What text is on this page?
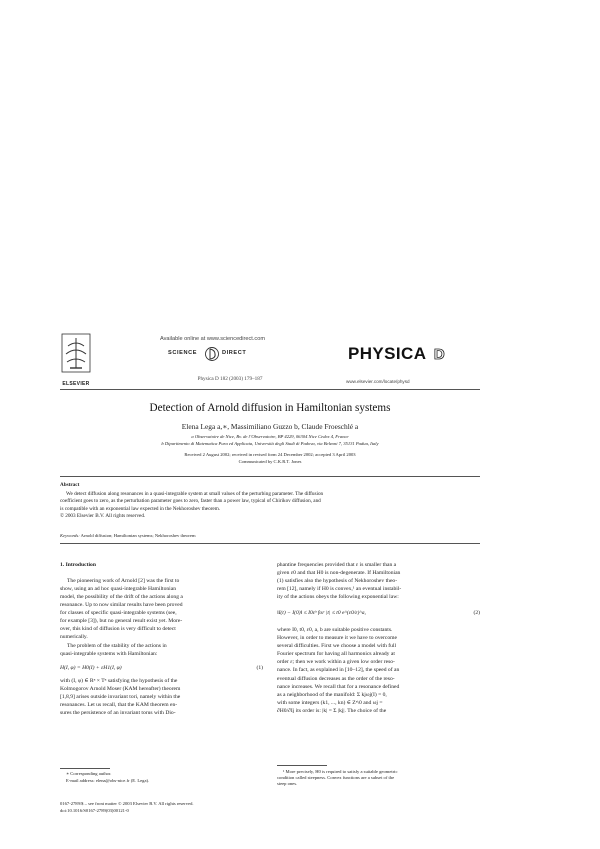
ELSEVIER
Available online at www.sciencedirect.com
SCIENCE	DIRECT
Physica D 182 (2003) 179–187
PHYSICA D
www.elsevier.com/locate/physd
Detection of Arnold diffusion in Hamiltonian systems
Elena Lega a,∗, Massimiliano Guzzo b, Claude Froeschlé a
a Observatoire de Nice, Bv. de l’Observatoire, BP 4229, 06304 Nice Cedex 4, France
b Dipartimento di Matematica Pura ed Applicata, Università degli Studi di Padova, via Belzoni 7, 35131 Padua, Italy
Received 2 August 2002; received in revised form 24 December 2002; accepted 3 April 2003
Communicated by C.K.R.T. Jones
Abstract
We detect diffusion along resonances in a quasi-integrable system at small values of the perturbing parameter. The diffusion
coefficient goes to zero, as the perturbation parameter goes to zero, faster than a power law, typical of Chirikov diffusion, and
is compatible with an exponential law expected in the Nekhoroshev theorem.
© 2003 Elsevier B.V. All rights reserved.
Keywords: Arnold diffusion; Hamiltonian systems; Nekhoroshev theorem
1. Introduction
The pioneering work of Arnold [2] was the first to
show, using an ad hoc quasi-integrable Hamiltonian
model, the possibility of the drift of the actions along a
resonance. Up to now similar results have been proved
for classes of specific quasi-integrable systems (see,
for example [3]), but no general result exist yet. More-
over, this kind of diffusion is very difficult to detect
numerically.
The problem of the stability of the actions in
quasi-integrable systems with Hamiltonian:
H(I, φ) = H0(I) + εH1(I, φ)	(1)
with (I, φ) ∈ Rⁿ × Tⁿ satisfying the hypothesis of the
Kolmogorov Arnold Moser (KAM hereafter) theorem
[1,8,9] arises outside invariant tori, namely within the
resonances. Let us recall, that the KAM theorem en-
sures the persistence of an invariant torus with Dio-
∗ Corresponding author.
E-mail address: elena@obs-nice.fr (E. Lega).
phantine frequencies provided that ε is smaller than a
given ε0 and that H0 is non-degenerate. If Hamiltonian
(1) satisfies also the hypothesis of Nekhoroshev theo-
rem [12], namely if H0 is convex,¹ an eventual instabil-
ity of the actions obeys the following exponential law:
‖I(t) − I(0)‖ ≤ I0εᵇ for |t| ≤ t0 e^(ε0/ε)^a,	(2)
where I0, t0, ε0, a, b are suitable positive constants.
However, in order to measure it we have to overcome
several difficulties. First we choose a model with full
Fourier spectrum for having all harmonics already at
order ε; then we work within a given low order reso-
nance. In fact, as explained in [10–12], the speed of an
eventual diffusion decreases as the order of the reso-
nance increases. We recall that for a resonance defined
as a neighborhood of the manifold: Σ kjωj(I) = 0,
with some integers (k1, ..., kn) ∈ Zⁿ\0 and ωj =
∂H0/∂Ij its order is: |k| = Σ |kj|. The choice of the
¹ More precisely, H0 is required to satisfy a suitable geometric
condition called steepness. Convex functions are a subset of the
steep ones.
0167-2789/$ – see front matter © 2003 Elsevier B.V. All rights reserved.
doi:10.1016/S0167-2789(03)00121-0
